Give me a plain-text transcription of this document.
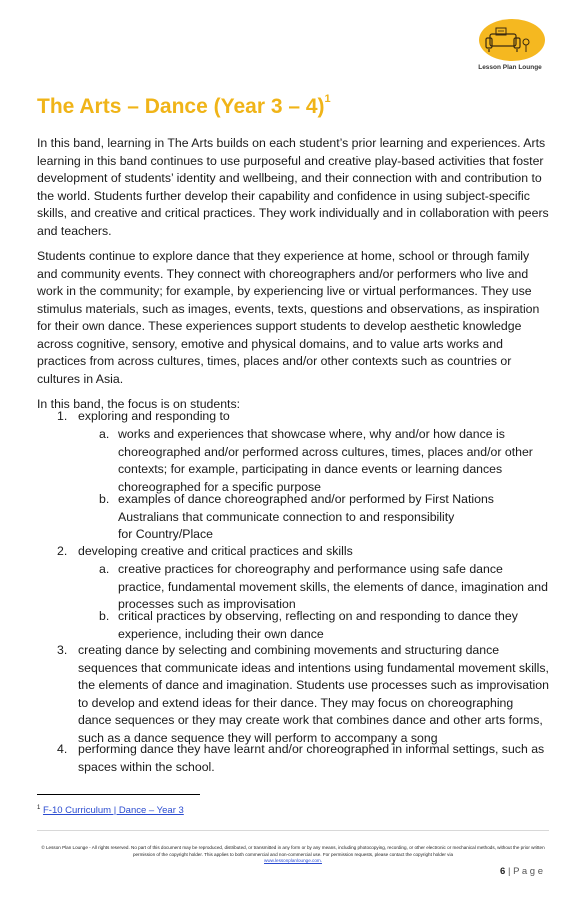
Lesson Plan Lounge
The Arts – Dance (Year 3 – 4)$^1$

In this band, learning in The Arts builds on each student’s prior learning and experiences. Arts learning in this band continues to use purposeful and creative play-based activities that foster development of students’ identity and wellbeing, and their connection with and contribution to the world. Students further develop their capability and confidence in using subject-specific skills, and creative and critical practices. They work individually and in collaboration with peers and teachers.

Students continue to explore dance that they experience at home, school or through family and community events. They connect with choreographers and/or performers who live and work in the community; for example, by experiencing live or virtual performances. They use stimulus materials, such as images, events, texts, questions and observations, as inspiration for their own dance. These experiences support students to develop aesthetic knowledge across cognitive, sensory, emotive and physical domains, and to value arts works and practices from across cultures, times, places and/or other contexts such as countries or cultures in Asia.

In this band, the focus is on students:

1. exploring and responding to
a. works and experiences that showcase where, why and/or how dance is choreographed and/or performed across cultures, times, places and/or other contexts; for example, participating in dance events or learning dances choreographed for a specific purpose
b. examples of dance choreographed and/or performed by First Nations Australians that communicate connection to and responsibility
for Country/Place
2. developing creative and critical practices and skills
a. creative practices for choreography and performance using safe dance practice, fundamental movement skills, the elements of dance, imagination and processes such as improvisation
b. critical practices by observing, reflecting on and responding to dance they experience, including their own dance
3. creating dance by selecting and combining movements and structuring dance sequences that communicate ideas and intentions using fundamental movement skills, the elements of dance and imagination. Students use processes such as improvisation to develop and extend ideas for their dance. They may focus on choreographing dance sequences or they may create work that combines dance and other arts forms, such as a dance sequence they will perform to accompany a song
4. performing dance they have learnt and/or choreographed in informal settings, such as spaces within the school.
$^1$ F-10 Curriculum | Dance – Year 3
© Lesson Plan Lounge - All rights reserved. No part of this document may be reproduced, distributed, or transmitted in any form or by any means, including photocopying, recording, or other electronic or mechanical methods, without the prior written permission of the copyright holder. This applies to both commercial and non-commercial use. For permission requests, please contact the copyright holder via
www.lessonplanlounge.com.
6 | P a g e
